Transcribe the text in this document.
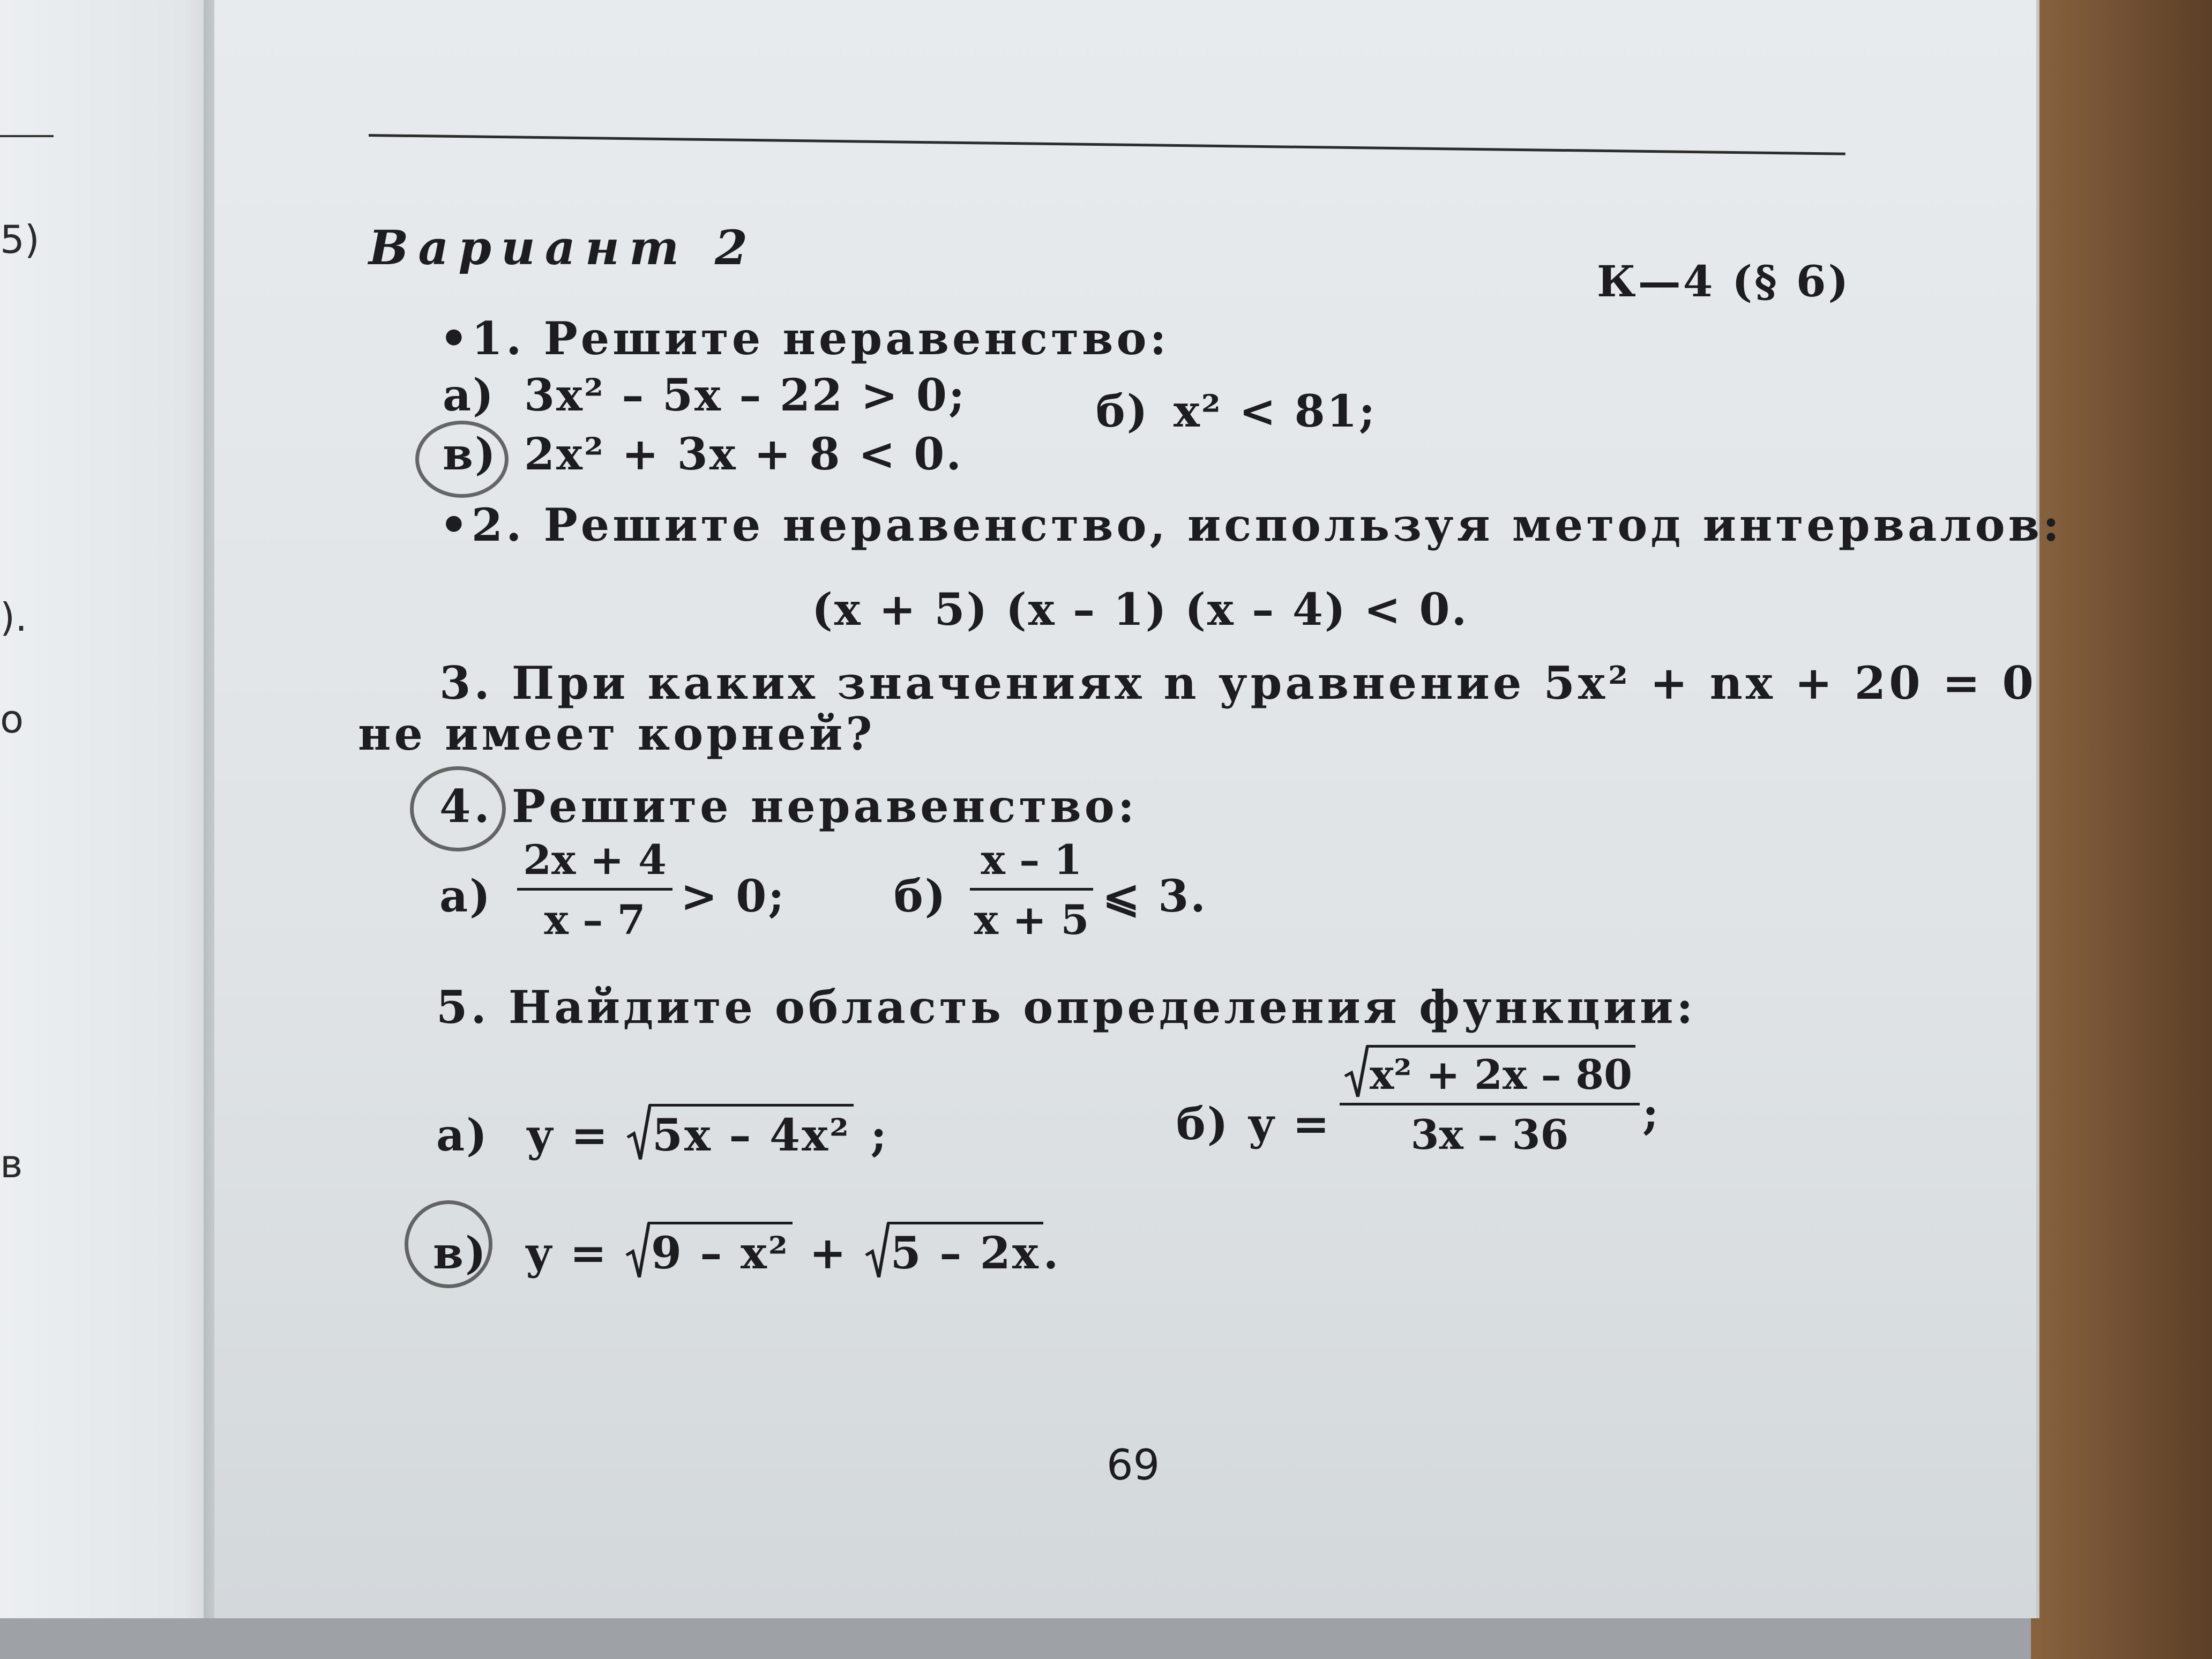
5)
).
о
в
Вариант 2
К—4 (§ 6)
•1. Решите неравенство:
а) 3x² – 5x – 22 > 0;	б) x² < 81;
в) 2x² + 3x + 8 < 0.
•2. Решите неравенство, используя метод интервалов:
(x + 5) (x – 1) (x – 4) < 0.
3. При каких значениях n уравнение 5x² + nx + 20 = 0
не имеет корней?
4. Решите неравенство:
а)
2x + 4
x – 7 > 0; б)
x – 1
x + 5 ⩽ 3.
5. Найдите область определения функции:
а) y = 5x – 4x² ;	б) y =
x² + 2x – 80
3x – 36	;
в) y = 9 – x² + 5 – 2x.
69
